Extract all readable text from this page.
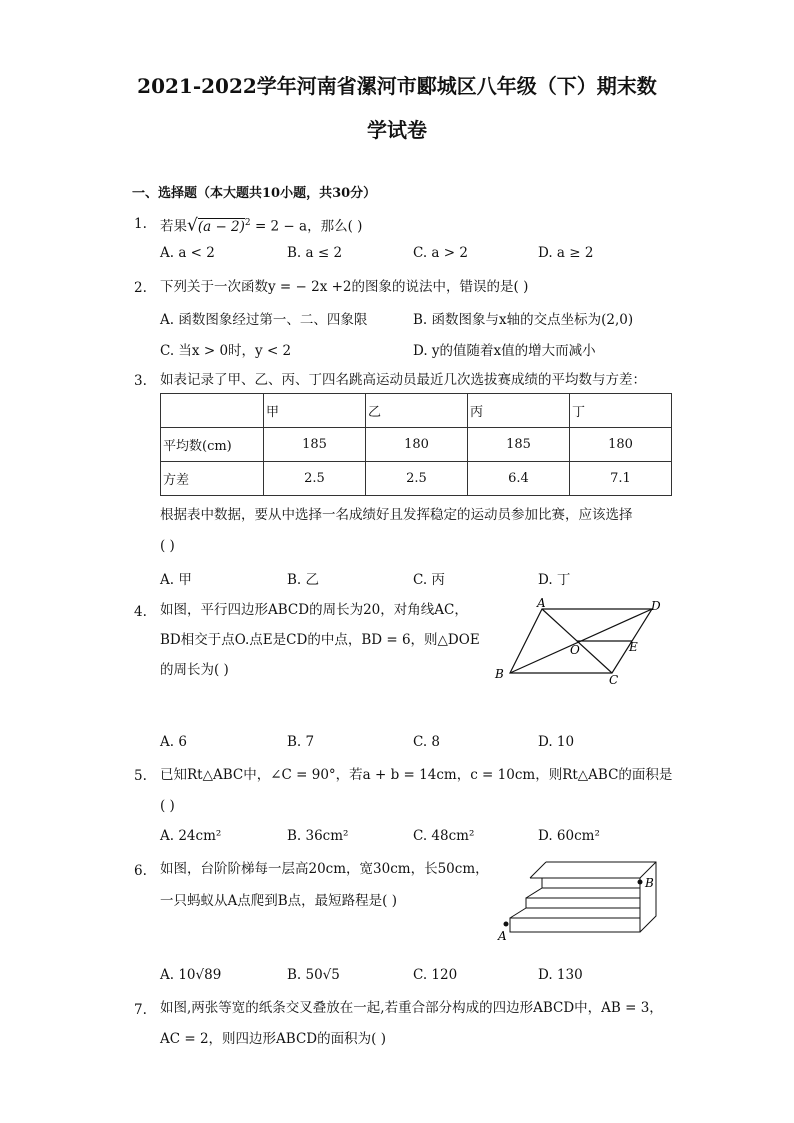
2021-2022学年河南省漯河市郾城区八年级（下）期末数
学试卷
一、选择题（本大题共10小题，共30分）
1. 若果$√(a - 2)^2 = 2 - a$，那么( )
A. a < 2	B. a ≤ 2	C. a > 2	D. a ≥ 2
2. 下列关于一次函数y = − 2x +2的图象的说法中，错误的是( )
A. 函数图象经过第一、二、四象限	B. 函数图象与x轴的交点坐标为(2,0)
C. 当x > 0时，y < 2	D. y的值随着x值的增大而减小
3. 如表记录了甲、乙、丙、丁四名跳高运动员最近几次选拔赛成绩的平均数与方差：
	甲	乙	丙	丁
平均数(cm)	185	180	185	180
方差	2.5	2.5	6.4	7.1
根据表中数据，要从中选择一名成绩好且发挥稳定的运动员参加比赛，应该选择
( )
A. 甲	B. 乙	C. 丙	D. 丁
4. 如图，平行四边形ABCD的周长为20，对角线AC，
BD相交于点O.点E是CD的中点，BD = 6，则△DOE
的周长为( )
A	D
B	C
O	E
A. 6	B. 7	C. 8	D. 10
5. 已知Rt△ABC中，∠C = 90°，若a + b = 14cm，c = 10cm，则Rt△ABC的面积是
( )
A. 24cm²	B. 36cm²	C. 48cm²	D. 60cm²
6. 如图，台阶阶梯每一层高20cm，宽30cm，长50cm，
一只蚂蚁从A点爬到B点，最短路程是( )
A
B
A. 10√89	B. 50√5	C. 120	D. 130
7. 如图,两张等宽的纸条交叉叠放在一起,若重合部分构成的四边形ABCD中，AB = 3，
AC = 2，则四边形ABCD的面积为( )
